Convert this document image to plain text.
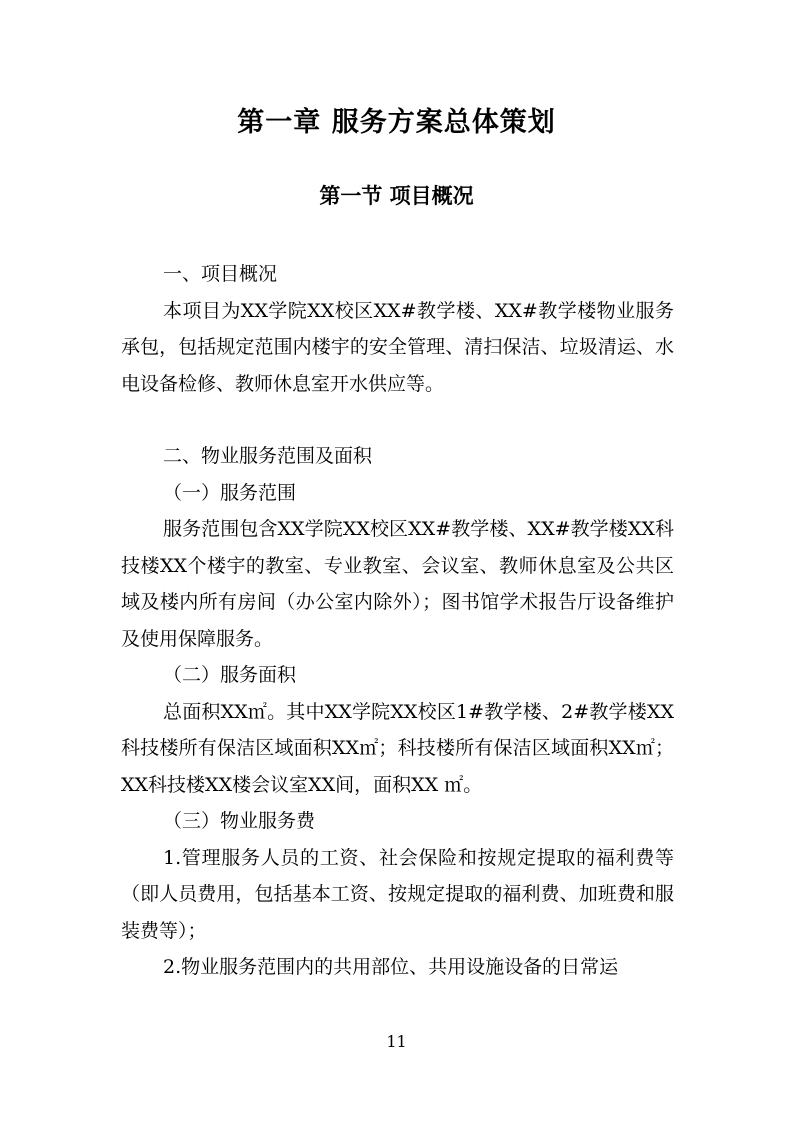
第一章 服务方案总体策划
第一节 项目概况

一、项目概况

本项目为XX学院XX校区XX#教学楼、XX#教学楼物业服务承包，包括规定范围内楼宇的安全管理、清扫保洁、垃圾清运、水电设备检修、教师休息室开水供应等。

二、物业服务范围及面积

（一）服务范围

服务范围包含XX学院XX校区XX#教学楼、XX#教学楼XX科技楼XX个楼宇的教室、专业教室、会议室、教师休息室及公共区域及楼内所有房间（办公室内除外）；图书馆学术报告厅设备维护及使用保障服务。

（二）服务面积

总面积XX㎡。其中XX学院XX校区1#教学楼、2#教学楼XX科技楼所有保洁区域面积XX㎡；科技楼所有保洁区域面积XX㎡；XX科技楼XX楼会议室XX间，面积XX ㎡。

（三）物业服务费

1.管理服务人员的工资、社会保险和按规定提取的福利费等（即人员费用，包括基本工资、按规定提取的福利费、加班费和服装费等）；

2.物业服务范围内的共用部位、共用设施设备的日常运

11
